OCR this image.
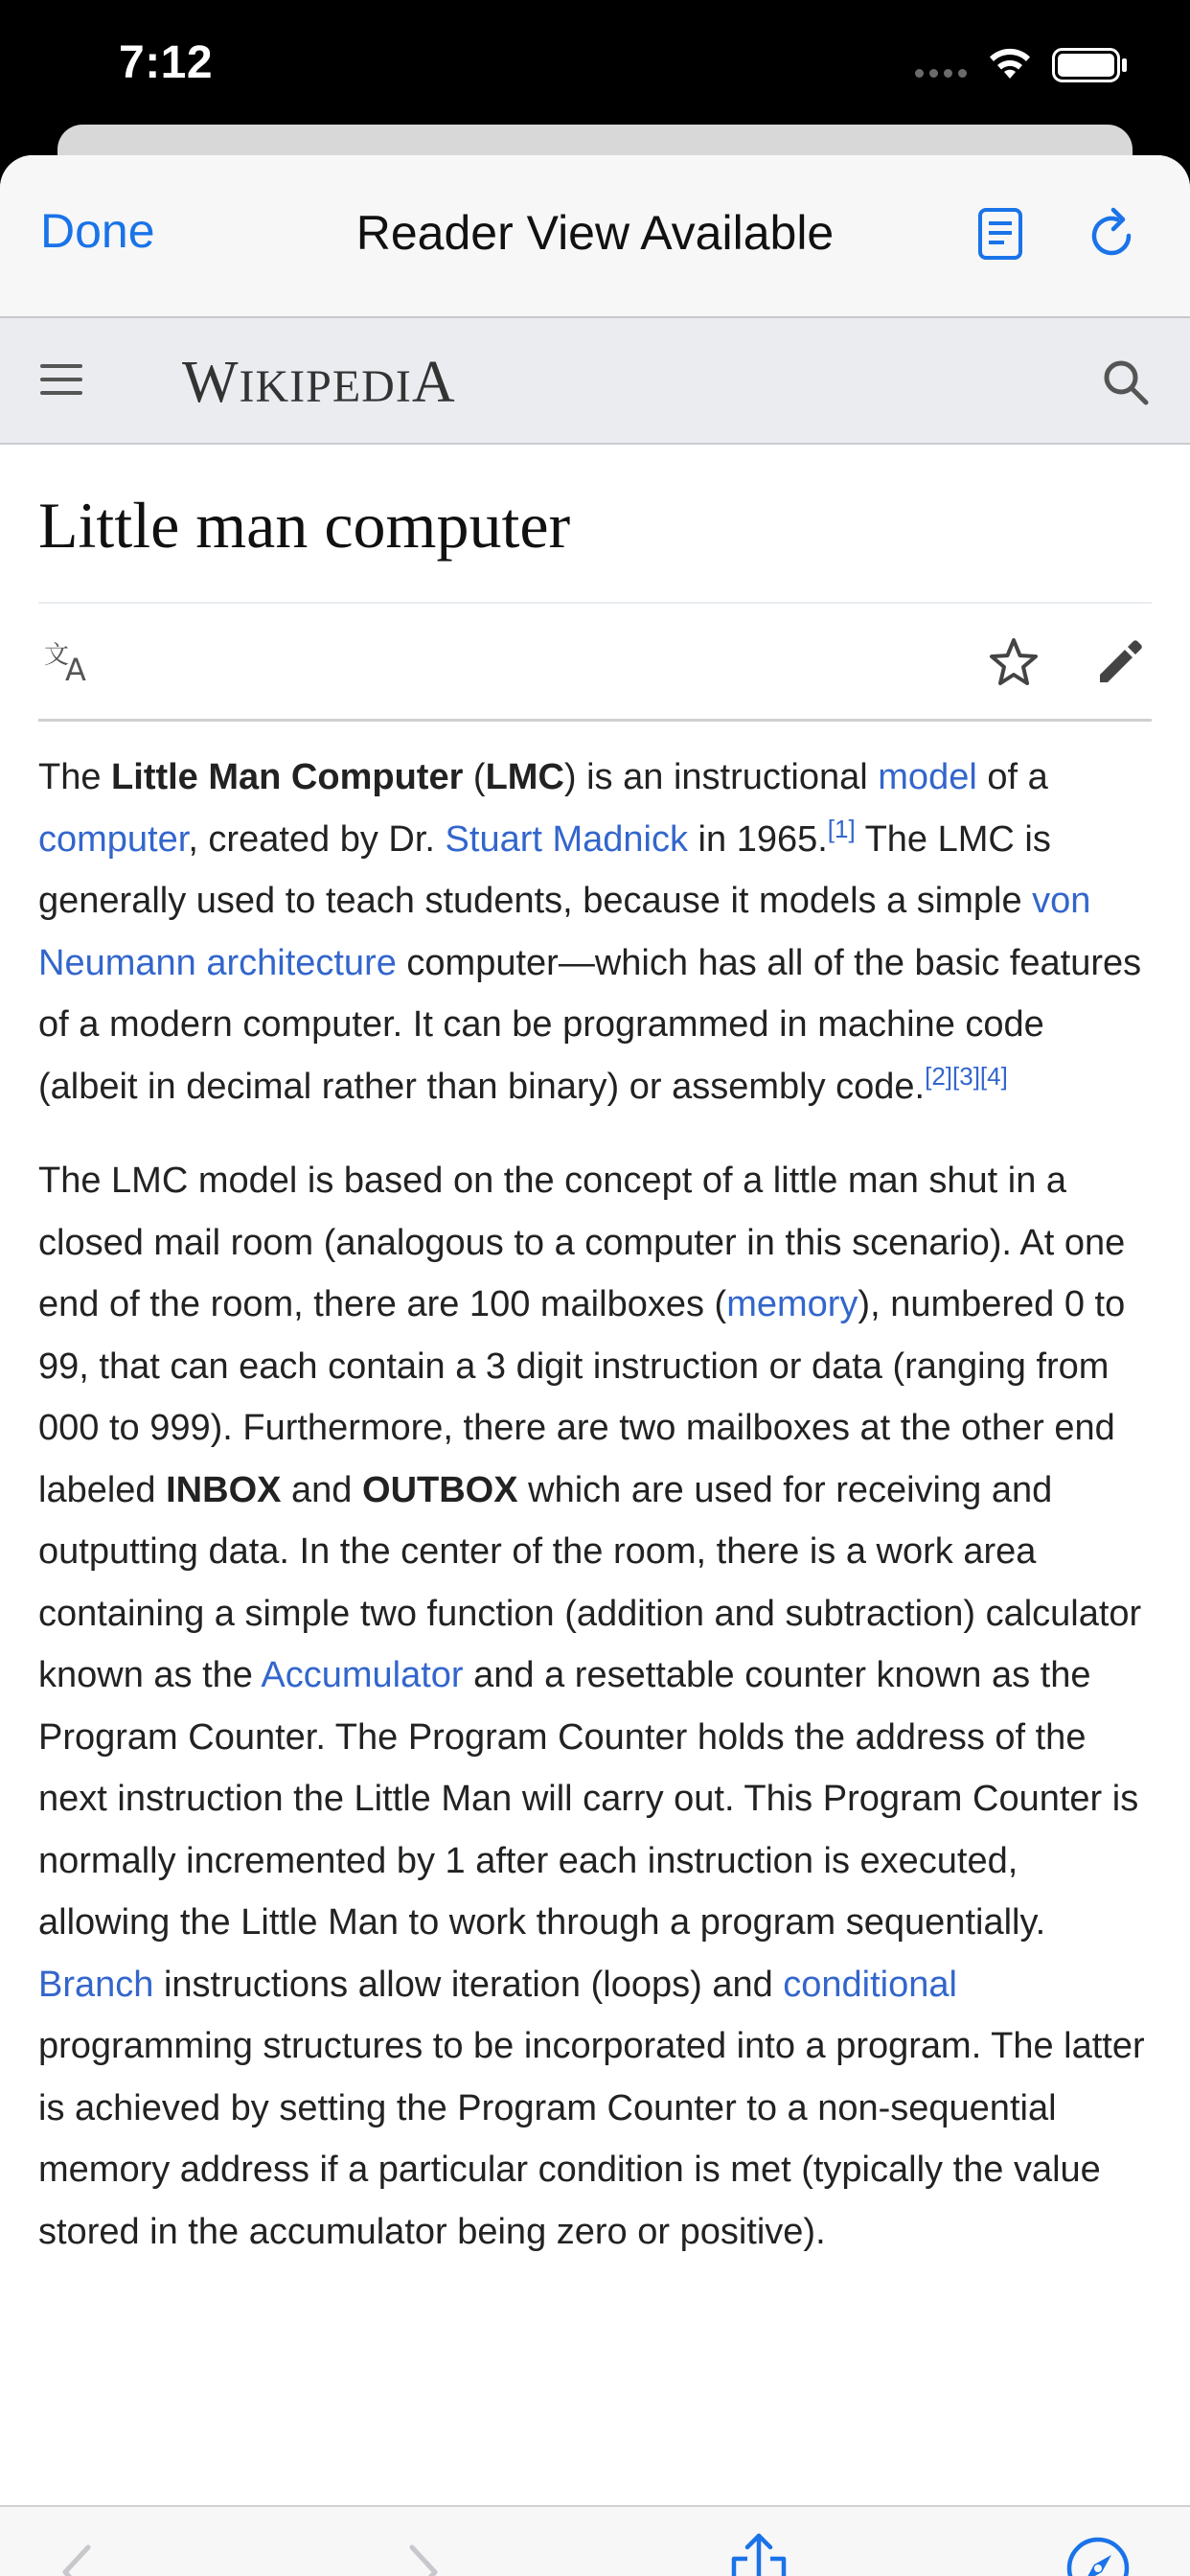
7:12
Done	Reader View Available
WIKIPEDIA
Little man computer
文
A

The Little Man Computer (LMC) is an instructional model of a computer, created by Dr. Stuart Madnick in 1965.[1] The LMC is generally used to teach students, because it models a simple von Neumann architecture computer—which has all of the basic features of a modern computer. It can be programmed in machine code (albeit in decimal rather than binary) or assembly code.[2][3][4]

The LMC model is based on the concept of a little man shut in a closed mail room (analogous to a computer in this scenario). At one end of the room, there are 100 mailboxes (memory), numbered 0 to 99, that can each contain a 3 digit instruction or data (ranging from 000 to 999). Furthermore, there are two mailboxes at the other end labeled INBOX and OUTBOX which are used for receiving and outputting data. In the center of the room, there is a work area containing a simple two function (addition and subtraction) calculator known as the Accumulator and a resettable counter known as the Program Counter. The Program Counter holds the address of the next instruction the Little Man will carry out. This Program Counter is normally incremented by 1 after each instruction is executed, allowing the Little Man to work through a program sequentially. Branch instructions allow iteration (loops) and conditional programming structures to be incorporated into a program. The latter is achieved by setting the Program Counter to a non-sequential memory address if a particular condition is met (typically the value stored in the accumulator being zero or positive).
